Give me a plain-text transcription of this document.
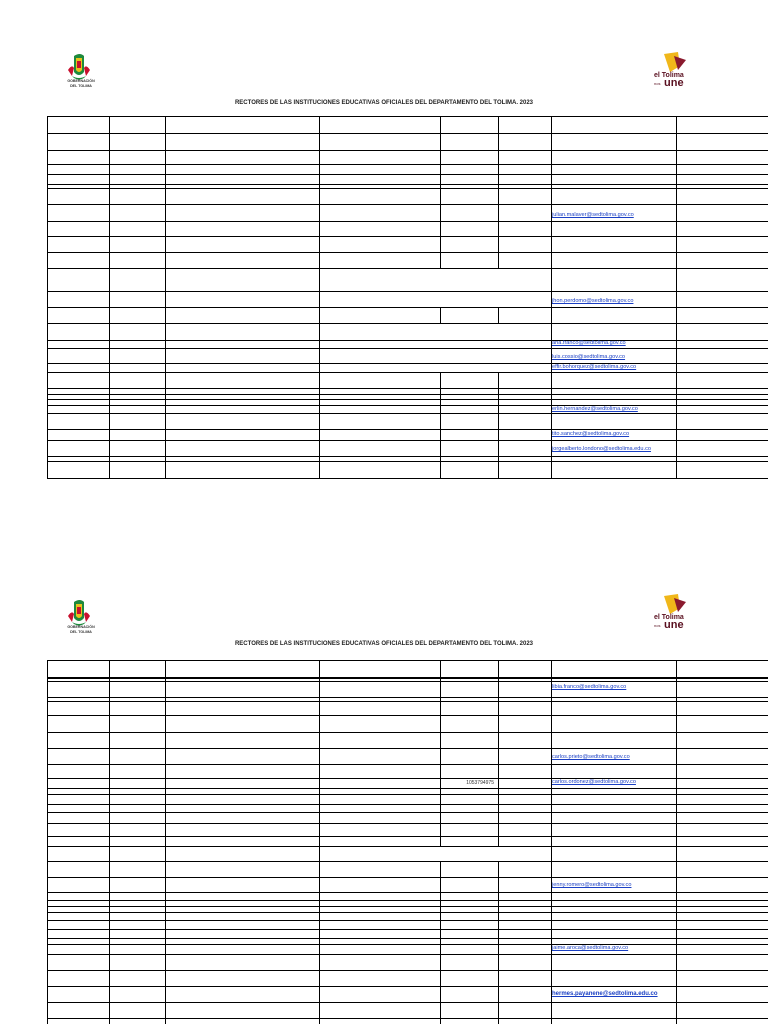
GOBERNACIÓN
DEL TOLIMA
el Tolima
nos une
RECTORES DE LAS INSTITUCIONES EDUCATIVAS OFICIALES DEL DEPARTAMENTO DEL TOLIMA. 2023
julian.malaver@sedtolima.gov.co
jhon.perdomo@sedtolima.gov.co
ana.franco@sedtolima.gov.co
luis.cossio@sedtolima.gov.co
effir.bohorquez@sedtolima.gov.co
erlin.hernandez@sedtolima.gov.co
tito.sanchez@sedtolima.gov.co
jorgealberto.londono@sedtolima.edu.co
GOBERNACIÓN
DEL TOLIMA
el Tolima
nos une
RECTORES DE LAS INSTITUCIONES EDUCATIVAS OFICIALES DEL DEPARTAMENTO DEL TOLIMA. 2023
libia.franco@sedtolima.gov.co
carlos.prieto@sedtolima.gov.co
1053794975	carlos.ordonez@sedtolima.gov.co
jenny.romero@sedtolima.gov.co
jaime.aroca@sedtolima.gov.co
hermes.payanene@sedtolima.edu.co
